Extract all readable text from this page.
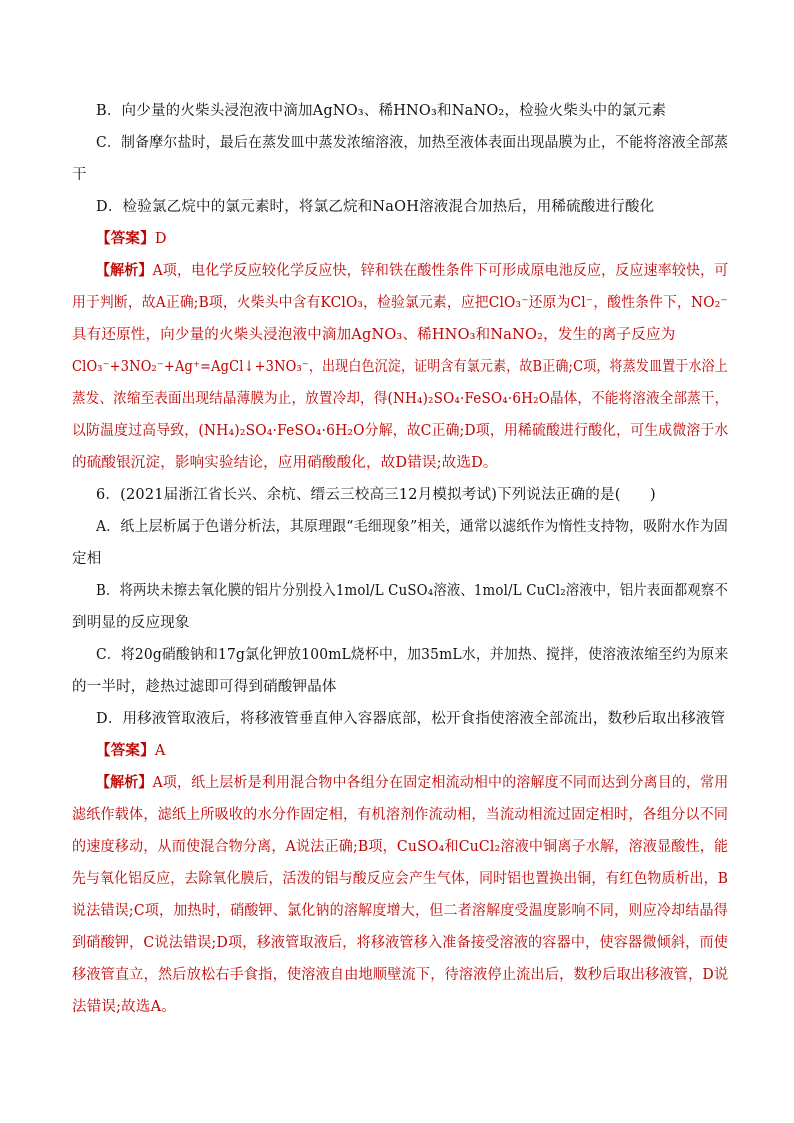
B．向少量的火柴头浸泡液中滴加AgNO₃、稀HNO₃和NaNO₂，检验火柴头中的氯元素
C．制备摩尔盐时，最后在蒸发皿中蒸发浓缩溶液，加热至液体表面出现晶膜为止，不能将溶液全部蒸
干
D．检验氯乙烷中的氯元素时，将氯乙烷和NaOH溶液混合加热后，用稀硫酸进行酸化
【答案】D
【解析】A项，电化学反应较化学反应快，锌和铁在酸性条件下可形成原电池反应，反应速率较快，可
用于判断，故A正确;B项，火柴头中含有KClO₃，检验氯元素，应把ClO₃⁻还原为Cl⁻，酸性条件下，NO₂⁻
具有还原性，向少量的火柴头浸泡液中滴加AgNO₃、稀HNO₃和NaNO₂，发生的离子反应为
ClO₃⁻+3NO₂⁻+Ag⁺=AgCl↓+3NO₃⁻，出现白色沉淀，证明含有氯元素，故B正确;C项，将蒸发皿置于水浴上
蒸发、浓缩至表面出现结晶薄膜为止，放置冷却，得(NH₄)₂SO₄·FeSO₄·6H₂O晶体，不能将溶液全部蒸干，
以防温度过高导致，(NH₄)₂SO₄·FeSO₄·6H₂O分解，故C正确;D项，用稀硫酸进行酸化，可生成微溶于水
的硫酸银沉淀，影响实验结论，应用硝酸酸化，故D错误;故选D。
6．(2021届浙江省长兴、余杭、缙云三校高三12月模拟考试)下列说法正确的是(　　)
A．纸上层析属于色谱分析法，其原理跟“毛细现象”相关，通常以滤纸作为惰性支持物，吸附水作为固
定相
B．将两块未擦去氧化膜的铝片分别投入1mol/L CuSO₄溶液、1mol/L CuCl₂溶液中，铝片表面都观察不
到明显的反应现象
C．将20g硝酸钠和17g氯化钾放100mL烧杯中，加35mL水，并加热、搅拌，使溶液浓缩至约为原来
的一半时，趁热过滤即可得到硝酸钾晶体
D．用移液管取液后，将移液管垂直伸入容器底部，松开食指使溶液全部流出，数秒后取出移液管
【答案】A
【解析】A项，纸上层析是利用混合物中各组分在固定相流动相中的溶解度不同而达到分离目的，常用
滤纸作载体，滤纸上所吸收的水分作固定相，有机溶剂作流动相，当流动相流过固定相时，各组分以不同
的速度移动，从而使混合物分离，A说法正确;B项，CuSO₄和CuCl₂溶液中铜离子水解，溶液显酸性，能
先与氧化铝反应，去除氧化膜后，活泼的铝与酸反应会产生气体，同时铝也置换出铜，有红色物质析出，B
说法错误;C项，加热时，硝酸钾、氯化钠的溶解度增大，但二者溶解度受温度影响不同，则应冷却结晶得
到硝酸钾，C说法错误;D项，移液管取液后，将移液管移入准备接受溶液的容器中，使容器微倾斜，而使
移液管直立，然后放松右手食指，使溶液自由地顺壁流下，待溶液停止流出后，数秒后取出移液管，D说
法错误;故选A。
